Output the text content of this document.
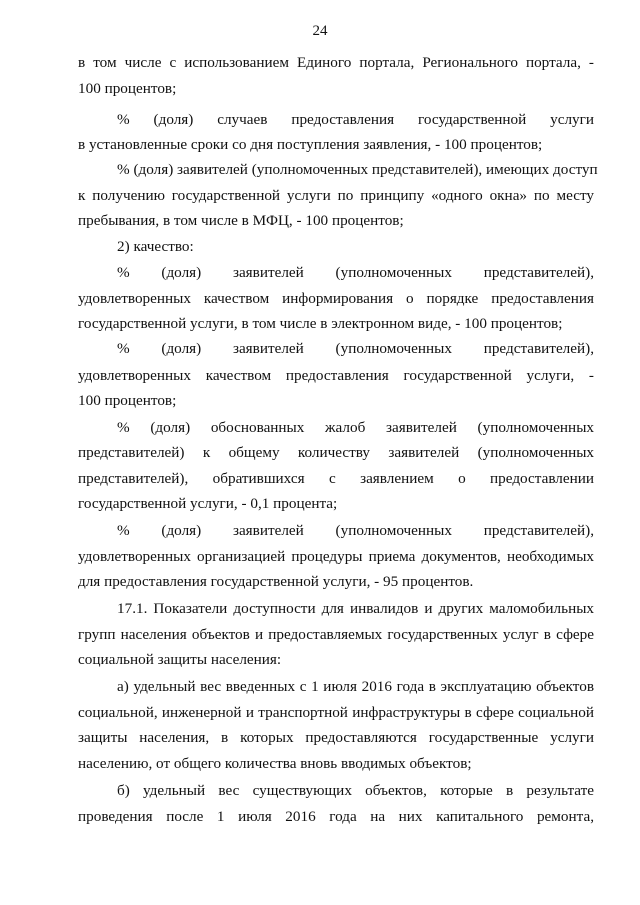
24
в том числе с использованием Единого портала, Регионального портала, -
100 процентов;
% (доля) случаев предоставления государственной услуги
в установленные сроки со дня поступления заявления, - 100 процентов;
% (доля) заявителей (уполномоченных представителей), имеющих доступ
к получению государственной услуги по принципу «одного окна» по месту
пребывания, в том числе в МФЦ, - 100 процентов;
2) качество:
% (доля) заявителей (уполномоченных представителей),
удовлетворенных качеством информирования о порядке предоставления
государственной услуги, в том числе в электронном виде, - 100 процентов;
% (доля) заявителей (уполномоченных представителей),
удовлетворенных качеством предоставления государственной услуги, -
100 процентов;
% (доля) обоснованных жалоб заявителей (уполномоченных
представителей) к общему количеству заявителей (уполномоченных
представителей), обратившихся с заявлением о предоставлении
государственной услуги, - 0,1 процента;
% (доля) заявителей (уполномоченных представителей),
удовлетворенных организацией процедуры приема документов, необходимых
для предоставления государственной услуги, - 95 процентов.
17.1. Показатели доступности для инвалидов и других маломобильных
групп населения объектов и предоставляемых государственных услуг в сфере
социальной защиты населения:
а) удельный вес введенных с 1 июля 2016 года в эксплуатацию объектов
социальной, инженерной и транспортной инфраструктуры в сфере социальной
защиты населения, в которых предоставляются государственные услуги
населению, от общего количества вновь вводимых объектов;
б) удельный вес существующих объектов, которые в результате
проведения после 1 июля 2016 года на них капитального ремонта,
